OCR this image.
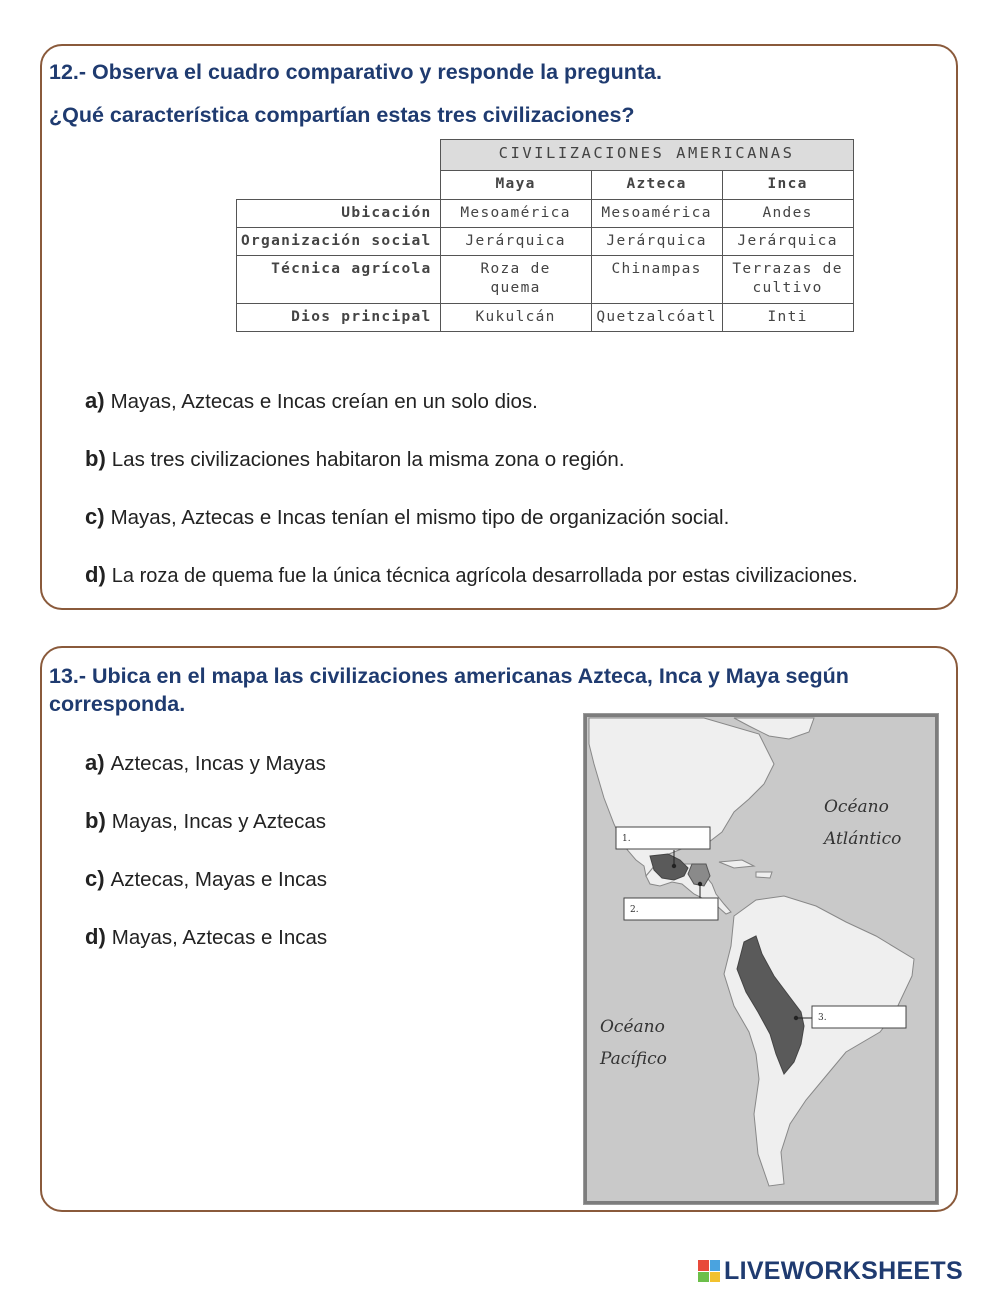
12.- Observa el cuadro comparativo y responde la pregunta.
¿Qué característica compartían estas tres civilizaciones?
	CIVILIZACIONES AMERICANAS		
	Maya	Azteca	Inca
Ubicación	Mesoamérica	Mesoamérica	Andes
Organización social	Jerárquica	Jerárquica	Jerárquica
Técnica agrícola	Roza de quema	Chinampas	Terrazas de cultivo
Dios principal	Kukulcán	Quetzalcóatl	Inti
a) Mayas, Aztecas e Incas creían en un solo dios.
b) Las tres civilizaciones habitaron la misma zona o región.
c) Mayas, Aztecas e Incas tenían el mismo tipo de organización social.
d) La roza de quema fue la única técnica agrícola desarrollada por estas civilizaciones.
13.- Ubica en el mapa las civilizaciones americanas Azteca, Inca y Maya según
corresponda.
a) Aztecas, Incas y Mayas
b) Mayas, Incas y Aztecas
c) Aztecas, Mayas e Incas
d) Mayas, Aztecas e Incas
Océano
Atlántico
Océano
Pacífico
1.
2.
3.
LIVEWORKSHEETS
